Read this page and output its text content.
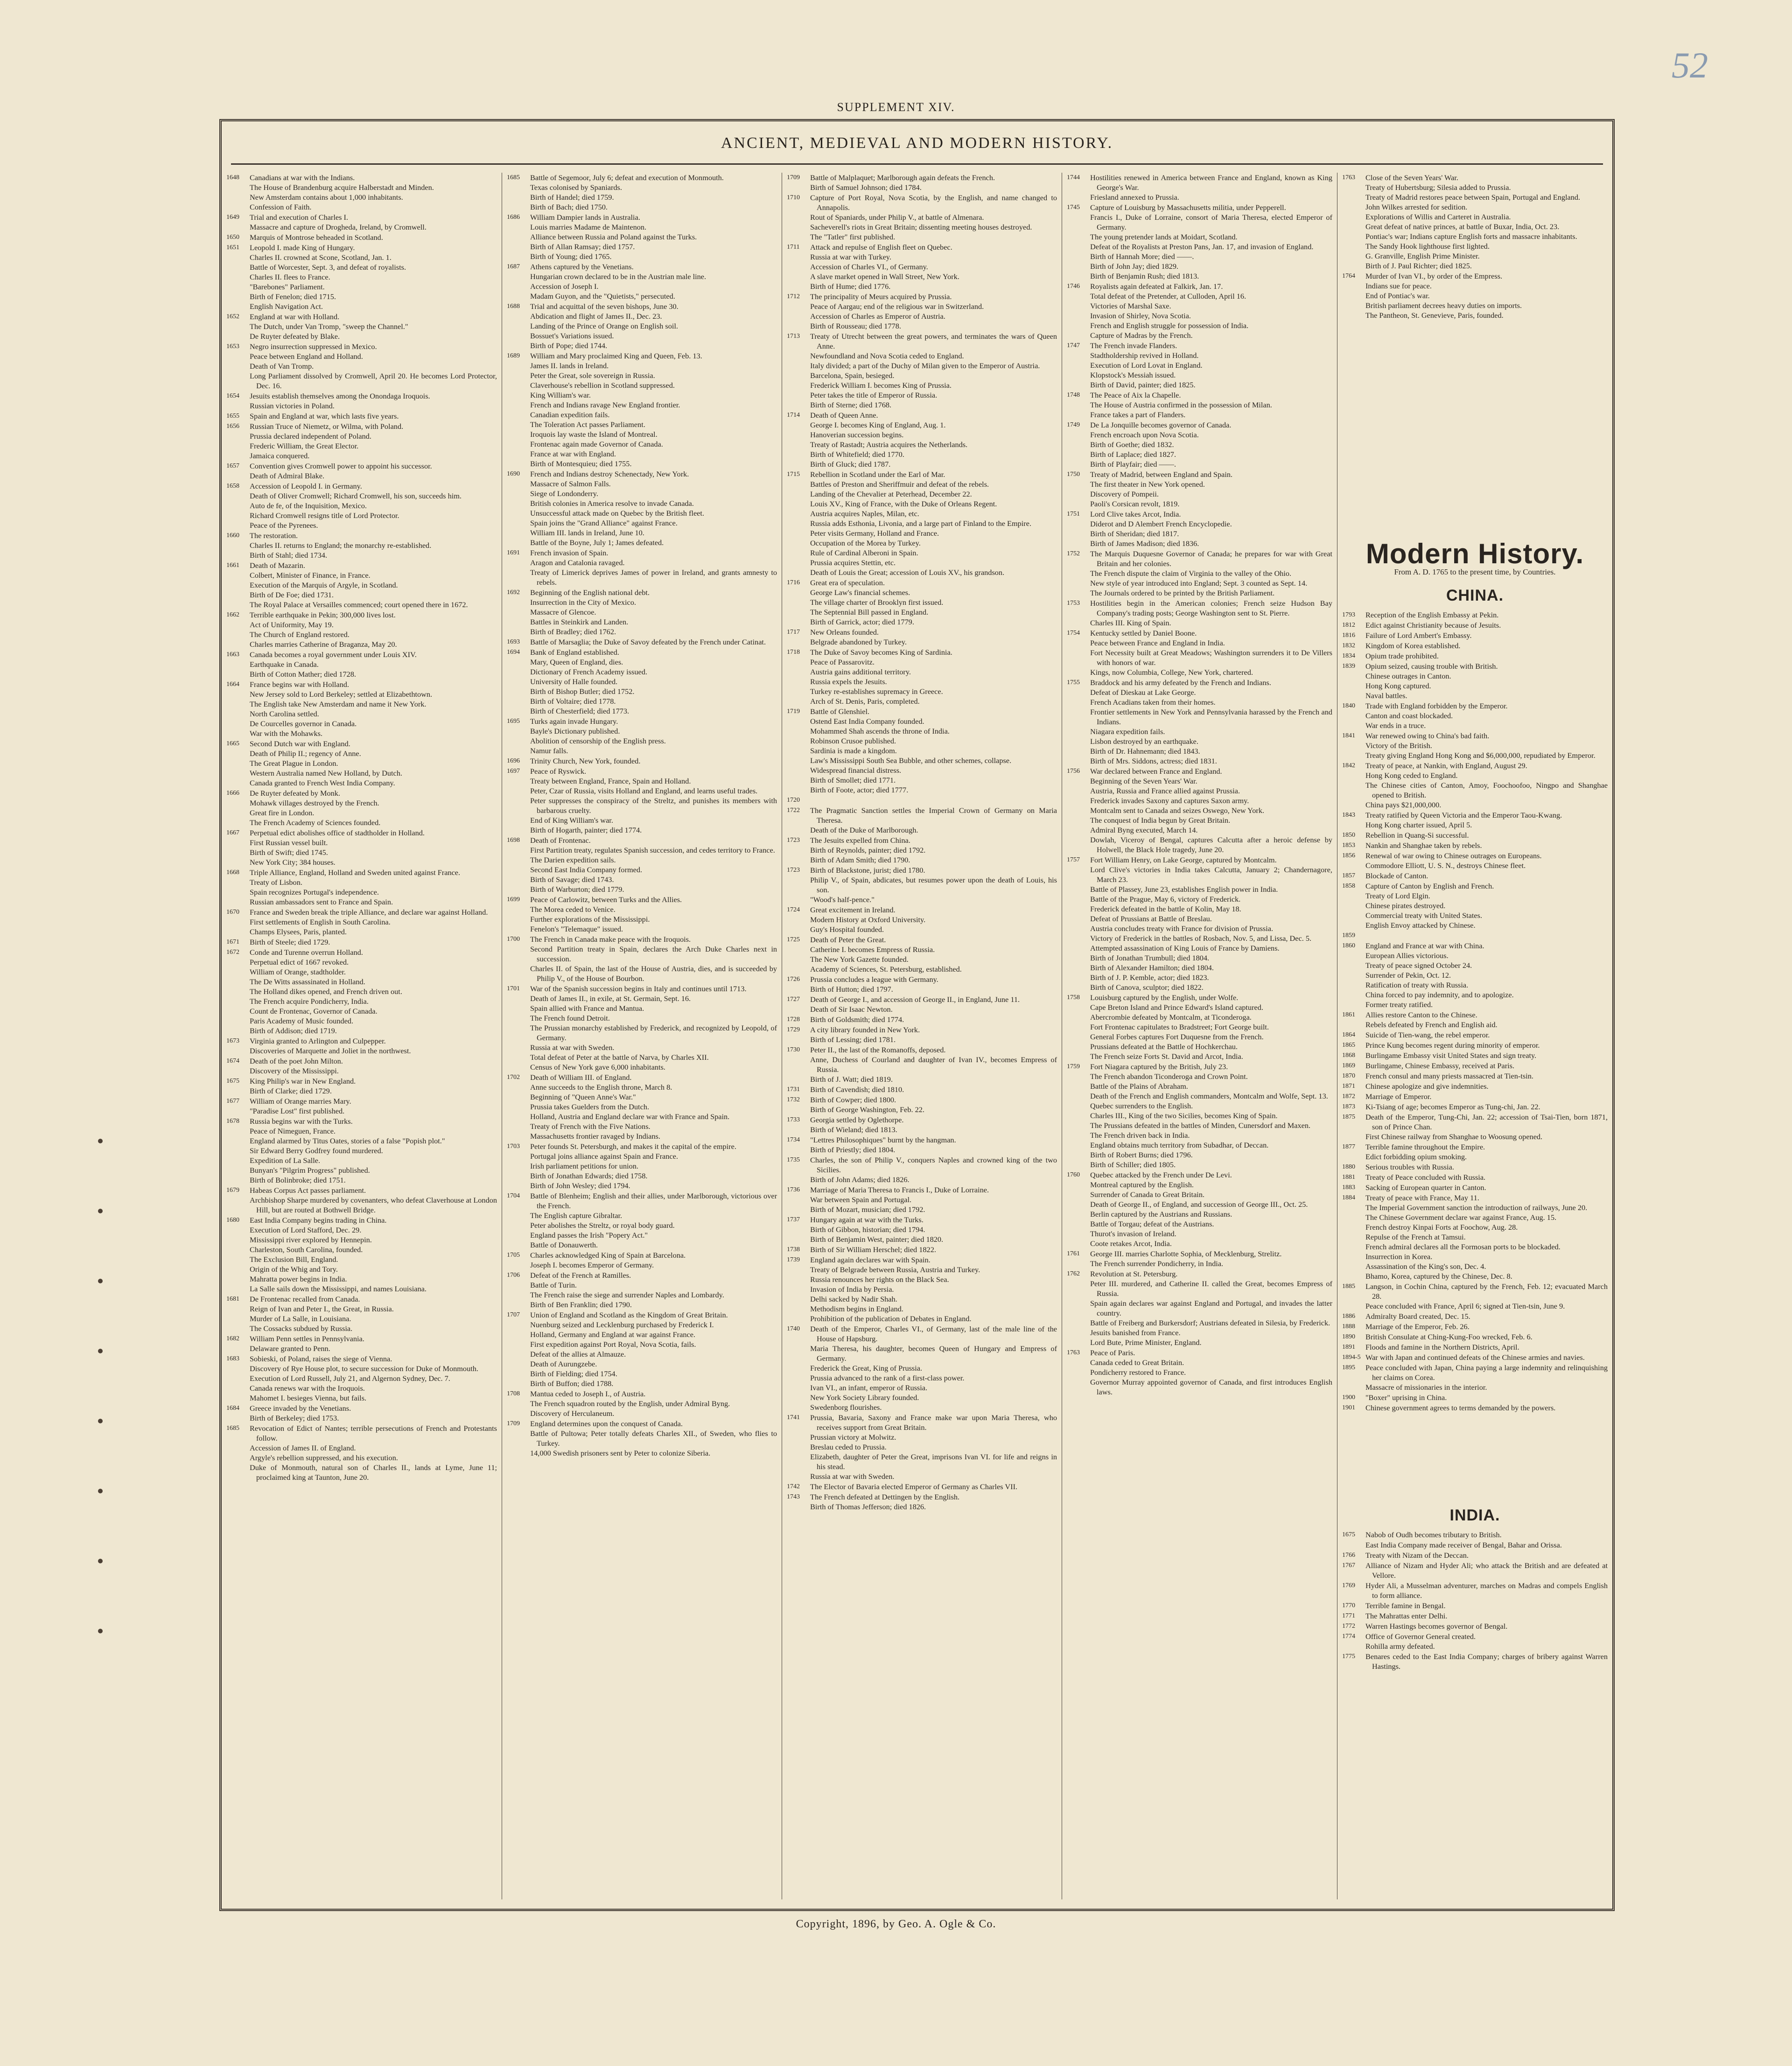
52
SUPPLEMENT XIV.
ANCIENT, MEDIEVAL AND MODERN HISTORY.
1648	Canadians at war with the Indians.
The House of Brandenburg acquire Halberstadt and Minden.
New Amsterdam contains about 1,000 inhabitants.
Confession of Faith.
1649	Trial and execution of Charles I.
Massacre and capture of Drogheda, Ireland, by Cromwell.
1650	Marquis of Montrose beheaded in Scotland.
1651	Leopold I. made King of Hungary.
Charles II. crowned at Scone, Scotland, Jan. 1.
Battle of Worcester, Sept. 3, and defeat of royalists.
Charles II. flees to France.
"Barebones" Parliament.
Birth of Fenelon; died 1715.
English Navigation Act.
1652	England at war with Holland.
The Dutch, under Van Tromp, "sweep the Channel."
De Ruyter defeated by Blake.
1653	Negro insurrection suppressed in Mexico.
Peace between England and Holland.
Death of Van Tromp.
Long Parliament dissolved by Cromwell, April 20. He becomes Lord Protector, Dec. 16.
1654	Jesuits establish themselves among the Onondaga Iroquois.
Russian victories in Poland.
1655	Spain and England at war, which lasts five years.
1656	Russian Truce of Niemetz, or Wilma, with Poland.
Prussia declared independent of Poland.
Frederic William, the Great Elector.
Jamaica conquered.
1657	Convention gives Cromwell power to appoint his successor.
Death of Admiral Blake.
1658	Accession of Leopold I. in Germany.
Death of Oliver Cromwell; Richard Cromwell, his son, succeeds him.
Auto de fe, of the Inquisition, Mexico.
Richard Cromwell resigns title of Lord Protector.
Peace of the Pyrenees.
1660	The restoration.
Charles II. returns to England; the monarchy re-established.
Birth of Stahl; died 1734.
1661	Death of Mazarin.
Colbert, Minister of Finance, in France.
Execution of the Marquis of Argyle, in Scotland.
Birth of De Foe; died 1731.
The Royal Palace at Versailles commenced; court opened there in 1672.
1662	Terrible earthquake in Pekin; 300,000 lives lost.
Act of Uniformity, May 19.
The Church of England restored.
Charles marries Catherine of Braganza, May 20.
1663	Canada becomes a royal government under Louis XIV.
Earthquake in Canada.
Birth of Cotton Mather; died 1728.
1664	France begins war with Holland.
New Jersey sold to Lord Berkeley; settled at Elizabethtown.
The English take New Amsterdam and name it New York.
North Carolina settled.
De Courcelles governor in Canada.
War with the Mohawks.
1665	Second Dutch war with England.
Death of Philip II.; regency of Anne.
The Great Plague in London.
Western Australia named New Holland, by Dutch.
Canada granted to French West India Company.
1666	De Ruyter defeated by Monk.
Mohawk villages destroyed by the French.
Great fire in London.
The French Academy of Sciences founded.
1667	Perpetual edict abolishes office of stadtholder in Holland.
First Russian vessel built.
Birth of Swift; died 1745.
New York City; 384 houses.
1668	Triple Alliance, England, Holland and Sweden united against France.
Treaty of Lisbon.
Spain recognizes Portugal's independence.
Russian ambassadors sent to France and Spain.
1670	France and Sweden break the triple Alliance, and declare war against Holland.
First settlements of English in South Carolina.
Champs Elysees, Paris, planted.
1671	Birth of Steele; died 1729.
1672	Conde and Turenne overrun Holland.
Perpetual edict of 1667 revoked.
William of Orange, stadtholder.
The De Witts assassinated in Holland.
The Holland dikes opened, and French driven out.
The French acquire Pondicherry, India.
Count de Frontenac, Governor of Canada.
Paris Academy of Music founded.
Birth of Addison; died 1719.
1673	Virginia granted to Arlington and Culpepper.
Discoveries of Marquette and Joliet in the northwest.
1674	Death of the poet John Milton.
Discovery of the Mississippi.
1675	King Philip's war in New England.
Birth of Clarke; died 1729.
1677	William of Orange marries Mary.
"Paradise Lost" first published.
1678	Russia begins war with the Turks.
Peace of Nimeguen, France.
England alarmed by Titus Oates, stories of a false "Popish plot."
Sir Edward Berry Godfrey found murdered.
Expedition of La Salle.
Bunyan's "Pilgrim Progress" published.
Birth of Bolinbroke; died 1751.
1679	Habeas Corpus Act passes parliament.
Archbishop Sharpe murdered by covenanters, who defeat Claverhouse at London Hill, but are routed at Bothwell Bridge.
1680	East India Company begins trading in China.
Execution of Lord Stafford, Dec. 29.
Mississippi river explored by Hennepin.
Charleston, South Carolina, founded.
The Exclusion Bill, England.
Origin of the Whig and Tory.
Mahratta power begins in India.
La Salle sails down the Mississippi, and names Louisiana.
1681	De Frontenac recalled from Canada.
Reign of Ivan and Peter I., the Great, in Russia.
Murder of La Salle, in Louisiana.
The Cossacks subdued by Russia.
1682	William Penn settles in Pennsylvania.
Delaware granted to Penn.
1683	Sobieski, of Poland, raises the siege of Vienna.
Discovery of Rye House plot, to secure succession for Duke of Monmouth.
Execution of Lord Russell, July 21, and Algernon Sydney, Dec. 7.
Canada renews war with the Iroquois.
Mahomet I. besieges Vienna, but fails.
1684	Greece invaded by the Venetians.
Birth of Berkeley; died 1753.
1685	Revocation of Edict of Nantes; terrible persecutions of French and Protestants follow.
Accession of James II. of England.
Argyle's rebellion suppressed, and his execution.
Duke of Monmouth, natural son of Charles II., lands at Lyme, June 11; proclaimed king at Taunton, June 20.
1685	Battle of Segemoor, July 6; defeat and execution of Monmouth.
Texas colonised by Spaniards.
Birth of Handel; died 1759.
Birth of Bach; died 1750.
1686	William Dampier lands in Australia.
Louis marries Madame de Maintenon.
Alliance between Russia and Poland against the Turks.
Birth of Allan Ramsay; died 1757.
Birth of Young; died 1765.
1687	Athens captured by the Venetians.
Hungarian crown declared to be in the Austrian male line.
Accession of Joseph I.
Madam Guyon, and the "Quietists," persecuted.
1688	Trial and acquittal of the seven bishops, June 30.
Abdication and flight of James II., Dec. 23.
Landing of the Prince of Orange on English soil.
Bossuet's Variations issued.
Birth of Pope; died 1744.
1689	William and Mary proclaimed King and Queen, Feb. 13.
James II. lands in Ireland.
Peter the Great, sole sovereign in Russia.
Claverhouse's rebellion in Scotland suppressed.
King William's war.
French and Indians ravage New England frontier.
Canadian expedition fails.
The Toleration Act passes Parliament.
Iroquois lay waste the Island of Montreal.
Frontenac again made Governor of Canada.
France at war with England.
Birth of Montesquieu; died 1755.
1690	French and Indians destroy Schenectady, New York.
Massacre of Salmon Falls.
Siege of Londonderry.
British colonies in America resolve to invade Canada.
Unsuccessful attack made on Quebec by the British fleet.
Spain joins the "Grand Alliance" against France.
William III. lands in Ireland, June 10.
Battle of the Boyne, July 1; James defeated.
1691	French invasion of Spain.
Aragon and Catalonia ravaged.
Treaty of Limerick deprives James of power in Ireland, and grants amnesty to rebels.
1692	Beginning of the English national debt.
Insurrection in the City of Mexico.
Massacre of Glencoe.
Battles in Steinkirk and Landen.
Birth of Bradley; died 1762.
1693	Battle of Marsaglia; the Duke of Savoy defeated by the French under Catinat.
1694	Bank of England established.
Mary, Queen of England, dies.
Dictionary of French Academy issued.
University of Halle founded.
Birth of Bishop Butler; died 1752.
Birth of Voltaire; died 1778.
Birth of Chesterfield; died 1773.
1695	Turks again invade Hungary.
Bayle's Dictionary published.
Abolition of censorship of the English press.
Namur falls.
1696	Trinity Church, New York, founded.
1697	Peace of Ryswick.
Treaty between England, France, Spain and Holland.
Peter, Czar of Russia, visits Holland and England, and learns useful trades.
Peter suppresses the conspiracy of the Streltz, and punishes its members with barbarous cruelty.
End of King William's war.
Birth of Hogarth, painter; died 1774.
1698	Death of Frontenac.
First Partition treaty, regulates Spanish succession, and cedes territory to France.
The Darien expedition sails.
Second East India Company formed.
Birth of Savage; died 1743.
Birth of Warburton; died 1779.
1699	Peace of Carlowitz, between Turks and the Allies.
The Morea ceded to Venice.
Further explorations of the Mississippi.
Fenelon's "Telemaque" issued.
1700	The French in Canada make peace with the Iroquois.
Second Partition treaty in Spain, declares the Arch Duke Charles next in succession.
Charles II. of Spain, the last of the House of Austria, dies, and is succeeded by Philip V., of the House of Bourbon.
1701	War of the Spanish succession begins in Italy and continues until 1713.
Death of James II., in exile, at St. Germain, Sept. 16.
Spain allied with France and Mantua.
The French found Detroit.
The Prussian monarchy established by Frederick, and recognized by Leopold, of Germany.
Russia at war with Sweden.
Total defeat of Peter at the battle of Narva, by Charles XII.
Census of New York gave 6,000 inhabitants.
1702	Death of William III. of England.
Anne succeeds to the English throne, March 8.
Beginning of "Queen Anne's War."
Prussia takes Guelders from the Dutch.
Holland, Austria and England declare war with France and Spain.
Treaty of French with the Five Nations.
Massachusetts frontier ravaged by Indians.
1703	Peter founds St. Petersburgh, and makes it the capital of the empire.
Portugal joins alliance against Spain and France.
Irish parliament petitions for union.
Birth of Jonathan Edwards; died 1758.
Birth of John Wesley; died 1794.
1704	Battle of Blenheim; English and their allies, under Marlborough, victorious over the French.
The English capture Gibraltar.
Peter abolishes the Streltz, or royal body guard.
England passes the Irish "Popery Act."
Battle of Donauwerth.
1705	Charles acknowledged King of Spain at Barcelona.
Joseph I. becomes Emperor of Germany.
1706	Defeat of the French at Ramilles.
Battle of Turin.
The French raise the siege and surrender Naples and Lombardy.
Birth of Ben Franklin; died 1790.
1707	Union of England and Scotland as the Kingdom of Great Britain.
Nuenburg seized and Lecklenburg purchased by Frederick I.
Holland, Germany and England at war against France.
First expedition against Port Royal, Nova Scotia, fails.
Defeat of the allies at Almauze.
Death of Aurungzebe.
Birth of Fielding; died 1754.
Birth of Buffon; died 1788.
1708	Mantua ceded to Joseph I., of Austria.
The French squadron routed by the English, under Admiral Byng.
Discovery of Herculaneum.
1709	England determines upon the conquest of Canada.
Battle of Pultowa; Peter totally defeats Charles XII., of Sweden, who flies to Turkey.
14,000 Swedish prisoners sent by Peter to colonize Siberia.
1709	Battle of Malplaquet; Marlborough again defeats the French.
Birth of Samuel Johnson; died 1784.
1710	Capture of Port Royal, Nova Scotia, by the English, and name changed to Annapolis.
Rout of Spaniards, under Philip V., at battle of Almenara.
Sacheverell's riots in Great Britain; dissenting meeting houses destroyed.
The "Tatler" first published.
1711	Attack and repulse of English fleet on Quebec.
Russia at war with Turkey.
Accession of Charles VI., of Germany.
A slave market opened in Wall Street, New York.
Birth of Hume; died 1776.
1712	The principality of Meurs acquired by Prussia.
Peace of Aargau; end of the religious war in Switzerland.
Accession of Charles as Emperor of Austria.
Birth of Rousseau; died 1778.
1713	Treaty of Utrecht between the great powers, and terminates the wars of Queen Anne.
Newfoundland and Nova Scotia ceded to England.
Italy divided; a part of the Duchy of Milan given to the Emperor of Austria.
Barcelona, Spain, besieged.
Frederick William I. becomes King of Prussia.
Peter takes the title of Emperor of Russia.
Birth of Sterne; died 1768.
1714	Death of Queen Anne.
George I. becomes King of England, Aug. 1.
Hanoverian succession begins.
Treaty of Rastadt; Austria acquires the Netherlands.
Birth of Whitefield; died 1770.
Birth of Gluck; died 1787.
1715	Rebellion in Scotland under the Earl of Mar.
Battles of Preston and Sheriffmuir and defeat of the rebels.
Landing of the Chevalier at Peterhead, December 22.
Louis XV., King of France, with the Duke of Orleans Regent.
Austria acquires Naples, Milan, etc.
Russia adds Esthonia, Livonia, and a large part of Finland to the Empire.
Peter visits Germany, Holland and France.
Occupation of the Morea by Turkey.
Rule of Cardinal Alberoni in Spain.
Prussia acquires Stettin, etc.
Death of Louis the Great; accession of Louis XV., his grandson.
1716	Great era of speculation.
George Law's financial schemes.
The village charter of Brooklyn first issued.
The Septennial Bill passed in England.
Birth of Garrick, actor; died 1779.
1717	New Orleans founded.
Belgrade abandoned by Turkey.
1718	The Duke of Savoy becomes King of Sardinia.
Peace of Passarovitz.
Austria gains additional territory.
Russia expels the Jesuits.
Turkey re-establishes supremacy in Greece.
Arch of St. Denis, Paris, completed.
1719	Battle of Glenshiel.
Ostend East India Company founded.
Mohammed Shah ascends the throne of India.
Robinson Crusoe published.
Sardinia is made a kingdom.
Law's Mississippi South Sea Bubble, and other schemes, collapse.
Widespread financial distress.
Birth of Smollet; died 1771.
Birth of Foote, actor; died 1777.
1720
1722	The Pragmatic Sanction settles the Imperial Crown of Germany on Maria Theresa.
Death of the Duke of Marlborough.
1723	The Jesuits expelled from China.
Birth of Reynolds, painter; died 1792.
Birth of Adam Smith; died 1790.
1723	Birth of Blackstone, jurist; died 1780.
Philip V., of Spain, abdicates, but resumes power upon the death of Louis, his son.
"Wood's half-pence."
1724	Great excitement in Ireland.
Modern History at Oxford University.
Guy's Hospital founded.
1725	Death of Peter the Great.
Catherine I. becomes Empress of Russia.
The New York Gazette founded.
Academy of Sciences, St. Petersburg, established.
1726	Prussia concludes a league with Germany.
Birth of Hutton; died 1797.
1727	Death of George I., and accession of George II., in England, June 11.
Death of Sir Isaac Newton.
1728	Birth of Goldsmith; died 1774.
1729	A city library founded in New York.
Birth of Lessing; died 1781.
1730	Peter II., the last of the Romanoffs, deposed.
Anne, Duchess of Courland and daughter of Ivan IV., becomes Empress of Russia.
Birth of J. Watt; died 1819.
1731	Birth of Cavendish; died 1810.
1732	Birth of Cowper; died 1800.
Birth of George Washington, Feb. 22.
1733	Georgia settled by Oglethorpe.
Birth of Wieland; died 1813.
1734	"Lettres Philosophiques" burnt by the hangman.
Birth of Priestly; died 1804.
1735	Charles, the son of Philip V., conquers Naples and crowned king of the two Sicilies.
Birth of John Adams; died 1826.
1736	Marriage of Maria Theresa to Francis I., Duke of Lorraine.
War between Spain and Portugal.
Birth of Mozart, musician; died 1792.
1737	Hungary again at war with the Turks.
Birth of Gibbon, historian; died 1794.
Birth of Benjamin West, painter; died 1820.
1738	Birth of Sir William Herschel; died 1822.
1739	England again declares war with Spain.
Treaty of Belgrade between Russia, Austria and Turkey.
Russia renounces her rights on the Black Sea.
Invasion of India by Persia.
Delhi sacked by Nadir Shah.
Methodism begins in England.
Prohibition of the publication of Debates in England.
1740	Death of the Emperor, Charles VI., of Germany, last of the male line of the House of Hapsburg.
Maria Theresa, his daughter, becomes Queen of Hungary and Empress of Germany.
Frederick the Great, King of Prussia.
Prussia advanced to the rank of a first-class power.
Ivan VI., an infant, emperor of Russia.
New York Society Library founded.
Swedenborg flourishes.
1741	Prussia, Bavaria, Saxony and France make war upon Maria Theresa, who receives support from Great Britain.
Prussian victory at Molwitz.
Breslau ceded to Prussia.
Elizabeth, daughter of Peter the Great, imprisons Ivan VI. for life and reigns in his stead.
Russia at war with Sweden.
1742	The Elector of Bavaria elected Emperor of Germany as Charles VII.
1743	The French defeated at Dettingen by the English.
Birth of Thomas Jefferson; died 1826.
1744	Hostilities renewed in America between France and England, known as King George's War.
Friesland annexed to Prussia.
1745	Capture of Louisburg by Massachusetts militia, under Pepperell.
Francis I., Duke of Lorraine, consort of Maria Theresa, elected Emperor of Germany.
The young pretender lands at Moidart, Scotland.
Defeat of the Royalists at Preston Pans, Jan. 17, and invasion of England.
Birth of Hannah More; died ——.
Birth of John Jay; died 1829.
Birth of Benjamin Rush; died 1813.
1746	Royalists again defeated at Falkirk, Jan. 17.
Total defeat of the Pretender, at Culloden, April 16.
Victories of Marshal Saxe.
Invasion of Shirley, Nova Scotia.
French and English struggle for possession of India.
Capture of Madras by the French.
1747	The French invade Flanders.
Stadtholdership revived in Holland.
Execution of Lord Lovat in England.
Klopstock's Messiah issued.
Birth of David, painter; died 1825.
1748	The Peace of Aix la Chapelle.
The House of Austria confirmed in the possession of Milan.
France takes a part of Flanders.
1749	De La Jonquille becomes governor of Canada.
French encroach upon Nova Scotia.
Birth of Goethe; died 1832.
Birth of Laplace; died 1827.
Birth of Playfair; died ——.
1750	Treaty of Madrid, between England and Spain.
The first theater in New York opened.
Discovery of Pompeii.
Paoli's Corsican revolt, 1819.
1751	Lord Clive takes Arcot, India.
Diderot and D Alembert French Encyclopedie.
Birth of Sheridan; died 1817.
Birth of James Madison; died 1836.
1752	The Marquis Duquesne Governor of Canada; he prepares for war with Great Britain and her colonies.
The French dispute the claim of Virginia to the valley of the Ohio.
New style of year introduced into England; Sept. 3 counted as Sept. 14.
The Journals ordered to be printed by the British Parliament.
1753	Hostilities begin in the American colonies; French seize Hudson Bay Company's trading posts; George Washington sent to St. Pierre.
Charles III. King of Spain.
1754	Kentucky settled by Daniel Boone.
Peace between France and England in India.
Fort Necessity built at Great Meadows; Washington surrenders it to De Villers with honors of war.
Kings, now Columbia, College, New York, chartered.
1755	Braddock and his army defeated by the French and Indians.
Defeat of Dieskau at Lake George.
French Acadians taken from their homes.
Frontier settlements in New York and Pennsylvania harassed by the French and Indians.
Niagara expedition fails.
Lisbon destroyed by an earthquake.
Birth of Dr. Hahnemann; died 1843.
Birth of Mrs. Siddons, actress; died 1831.
1756	War declared between France and England.
Beginning of the Seven Years' War.
Austria, Russia and France allied against Prussia.
Frederick invades Saxony and captures Saxon army.
Montcalm sent to Canada and seizes Oswego, New York.
The conquest of India begun by Great Britain.
Admiral Byng executed, March 14.
Dowlah, Viceroy of Bengal, captures Calcutta after a heroic defense by Holwell, the Black Hole tragedy, June 20.
1757	Fort William Henry, on Lake George, captured by Montcalm.
Lord Clive's victories in India takes Calcutta, January 2; Chandernagore, March 23.
Battle of Plassey, June 23, establishes English power in India.
Battle of the Prague, May 6, victory of Frederick.
Frederick defeated in the battle of Kolin, May 18.
Defeat of Prussians at Battle of Breslau.
Austria concludes treaty with France for division of Prussia.
Victory of Frederick in the battles of Rosbach, Nov. 5, and Lissa, Dec. 5.
Attempted assassination of King Louis of France by Damiens.
Birth of Jonathan Trumbull; died 1804.
Birth of Alexander Hamilton; died 1804.
Birth of J. P. Kemble, actor; died 1823.
Birth of Canova, sculptor; died 1822.
1758	Louisburg captured by the English, under Wolfe.
Cape Breton Island and Prince Edward's Island captured.
Abercrombie defeated by Montcalm, at Ticonderoga.
Fort Frontenac capitulates to Bradstreet; Fort George built.
General Forbes captures Fort Duquesne from the French.
Prussians defeated at the Battle of Hochkerchau.
The French seize Forts St. David and Arcot, India.
1759	Fort Niagara captured by the British, July 23.
The French abandon Ticonderoga and Crown Point.
Battle of the Plains of Abraham.
Death of the French and English commanders, Montcalm and Wolfe, Sept. 13.
Quebec surrenders to the English.
Charles III., King of the two Sicilies, becomes King of Spain.
The Prussians defeated in the battles of Minden, Cunersdorf and Maxen.
The French driven back in India.
England obtains much territory from Subadhar, of Deccan.
Birth of Robert Burns; died 1796.
Birth of Schiller; died 1805.
1760	Quebec attacked by the French under De Levi.
Montreal captured by the English.
Surrender of Canada to Great Britain.
Death of George II., of England, and succession of George III., Oct. 25.
Berlin captured by the Austrians and Russians.
Battle of Torgau; defeat of the Austrians.
Thurot's invasion of Ireland.
Coote retakes Arcot, India.
1761	George III. marries Charlotte Sophia, of Mecklenburg, Strelitz.
The French surrender Pondicherry, in India.
1762	Revolution at St. Petersburg.
Peter III. murdered, and Catherine II. called the Great, becomes Empress of Russia.
Spain again declares war against England and Portugal, and invades the latter country.
Battle of Freiberg and Burkersdorf; Austrians defeated in Silesia, by Frederick.
Jesuits banished from France.
Lord Bute, Prime Minister, England.
1763	Peace of Paris.
Canada ceded to Great Britain.
Pondicherry restored to France.
Governor Murray appointed governor of Canada, and first introduces English laws.
1763	Close of the Seven Years' War.
Treaty of Hubertsburg; Silesia added to Prussia.
Treaty of Madrid restores peace between Spain, Portugal and England.
John Wilkes arrested for sedition.
Explorations of Willis and Carteret in Australia.
Great defeat of native princes, at battle of Buxar, India, Oct. 23.
Pontiac's war; Indians capture English forts and massacre inhabitants.
The Sandy Hook lighthouse first lighted.
G. Granville, English Prime Minister.
Birth of J. Paul Richter; died 1825.
1764	Murder of Ivan VI., by order of the Empress.
Indians sue for peace.
End of Pontiac's war.
British parliament decrees heavy duties on imports.
The Pantheon, St. Genevieve, Paris, founded.
Modern History.
From A. D. 1765 to the present time, by Countries.
CHINA.
1793	Reception of the English Embassy at Pekin.
1812	Edict against Christianity because of Jesuits.
1816	Failure of Lord Ambert's Embassy.
1832	Kingdom of Korea established.
1834	Opium trade prohibited.
1839	Opium seized, causing trouble with British.
Chinese outrages in Canton.
Hong Kong captured.
Naval battles.
1840	Trade with England forbidden by the Emperor.
Canton and coast blockaded.
War ends in a truce.
1841	War renewed owing to China's bad faith.
Victory of the British.
Treaty giving England Hong Kong and $6,000,000, repudiated by Emperor.
1842	Treaty of peace, at Nankin, with England, August 29.
Hong Kong ceded to England.
The Chinese cities of Canton, Amoy, Foochoofoo, Ningpo and Shanghae opened to British.
China pays $21,000,000.
1843	Treaty ratified by Queen Victoria and the Emperor Taou-Kwang.
Hong Kong charter issued, April 5.
1850	Rebellion in Quang-Si successful.
1853	Nankin and Shanghae taken by rebels.
1856	Renewal of war owing to Chinese outrages on Europeans.
Commodore Elliott, U. S. N., destroys Chinese fleet.
1857	Blockade of Canton.
1858	Capture of Canton by English and French.
Treaty of Lord Elgin.
Chinese pirates destroyed.
Commercial treaty with United States.
English Envoy attacked by Chinese.
1859
1860	England and France at war with China.
European Allies victorious.
Treaty of peace signed October 24.
Surrender of Pekin, Oct. 12.
Ratification of treaty with Russia.
China forced to pay indemnity, and to apologize.
Former treaty ratified.
1861	Allies restore Canton to the Chinese.
Rebels defeated by French and English aid.
1864	Suicide of Tien-wang, the rebel emperor.
1865	Prince Kung becomes regent during minority of emperor.
1868	Burlingame Embassy visit United States and sign treaty.
1869	Burlingame, Chinese Embassy, received at Paris.
1870	French consul and many priests massacred at Tien-tsin.
1871	Chinese apologize and give indemnities.
1872	Marriage of Emperor.
1873	Ki-Tsiang of age; becomes Emperor as Tung-chi, Jan. 22.
1875	Death of the Emperor, Tung-Chi, Jan. 22; accession of Tsai-Tien, born 1871, son of Prince Chan.
First Chinese railway from Shanghae to Woosung opened.
1877	Terrible famine throughout the Empire.
Edict forbidding opium smoking.
1880	Serious troubles with Russia.
1881	Treaty of Peace concluded with Russia.
1883	Sacking of European quarter in Canton.
1884	Treaty of peace with France, May 11.
The Imperial Government sanction the introduction of railways, June 20.
The Chinese Government declare war against France, Aug. 15.
French destroy Kinpai Forts at Foochow, Aug. 28.
Repulse of the French at Tamsui.
French admiral declares all the Formosan ports to be blockaded.
Insurrection in Korea.
Assassination of the King's son, Dec. 4.
Bhamo, Korea, captured by the Chinese, Dec. 8.
1885	Langson, in Cochin China, captured by the French, Feb. 12; evacuated March 28.
Peace concluded with France, April 6; signed at Tien-tsin, June 9.
1886	Admiralty Board created, Dec. 15.
1888	Marriage of the Emperor, Feb. 26.
1890	British Consulate at Ching-Kung-Foo wrecked, Feb. 6.
1891	Floods and famine in the Northern Districts, April.
1894-5 War with Japan and continued defeats of the Chinese armies and navies.
1895	Peace concluded with Japan, China paying a large indemnity and relinquishing her claims on Corea.
Massacre of missionaries in the interior.
1900	"Boxer" uprising in China.
1901	Chinese government agrees to terms demanded by the powers.
INDIA.
1675	Nabob of Oudh becomes tributary to British.
East India Company made receiver of Bengal, Bahar and Orissa.
1766	Treaty with Nizam of the Deccan.
1767	Alliance of Nizam and Hyder Ali; who attack the British and are defeated at Vellore.
1769	Hyder Ali, a Musselman adventurer, marches on Madras and compels English to form alliance.
1770	Terrible famine in Bengal.
1771	The Mahrattas enter Delhi.
1772	Warren Hastings becomes governor of Bengal.
1774	Office of Governor General created.
Rohilla army defeated.
1775	Benares ceded to the East India Company; charges of bribery against Warren Hastings.
Copyright, 1896, by Geo. A. Ogle & Co.
